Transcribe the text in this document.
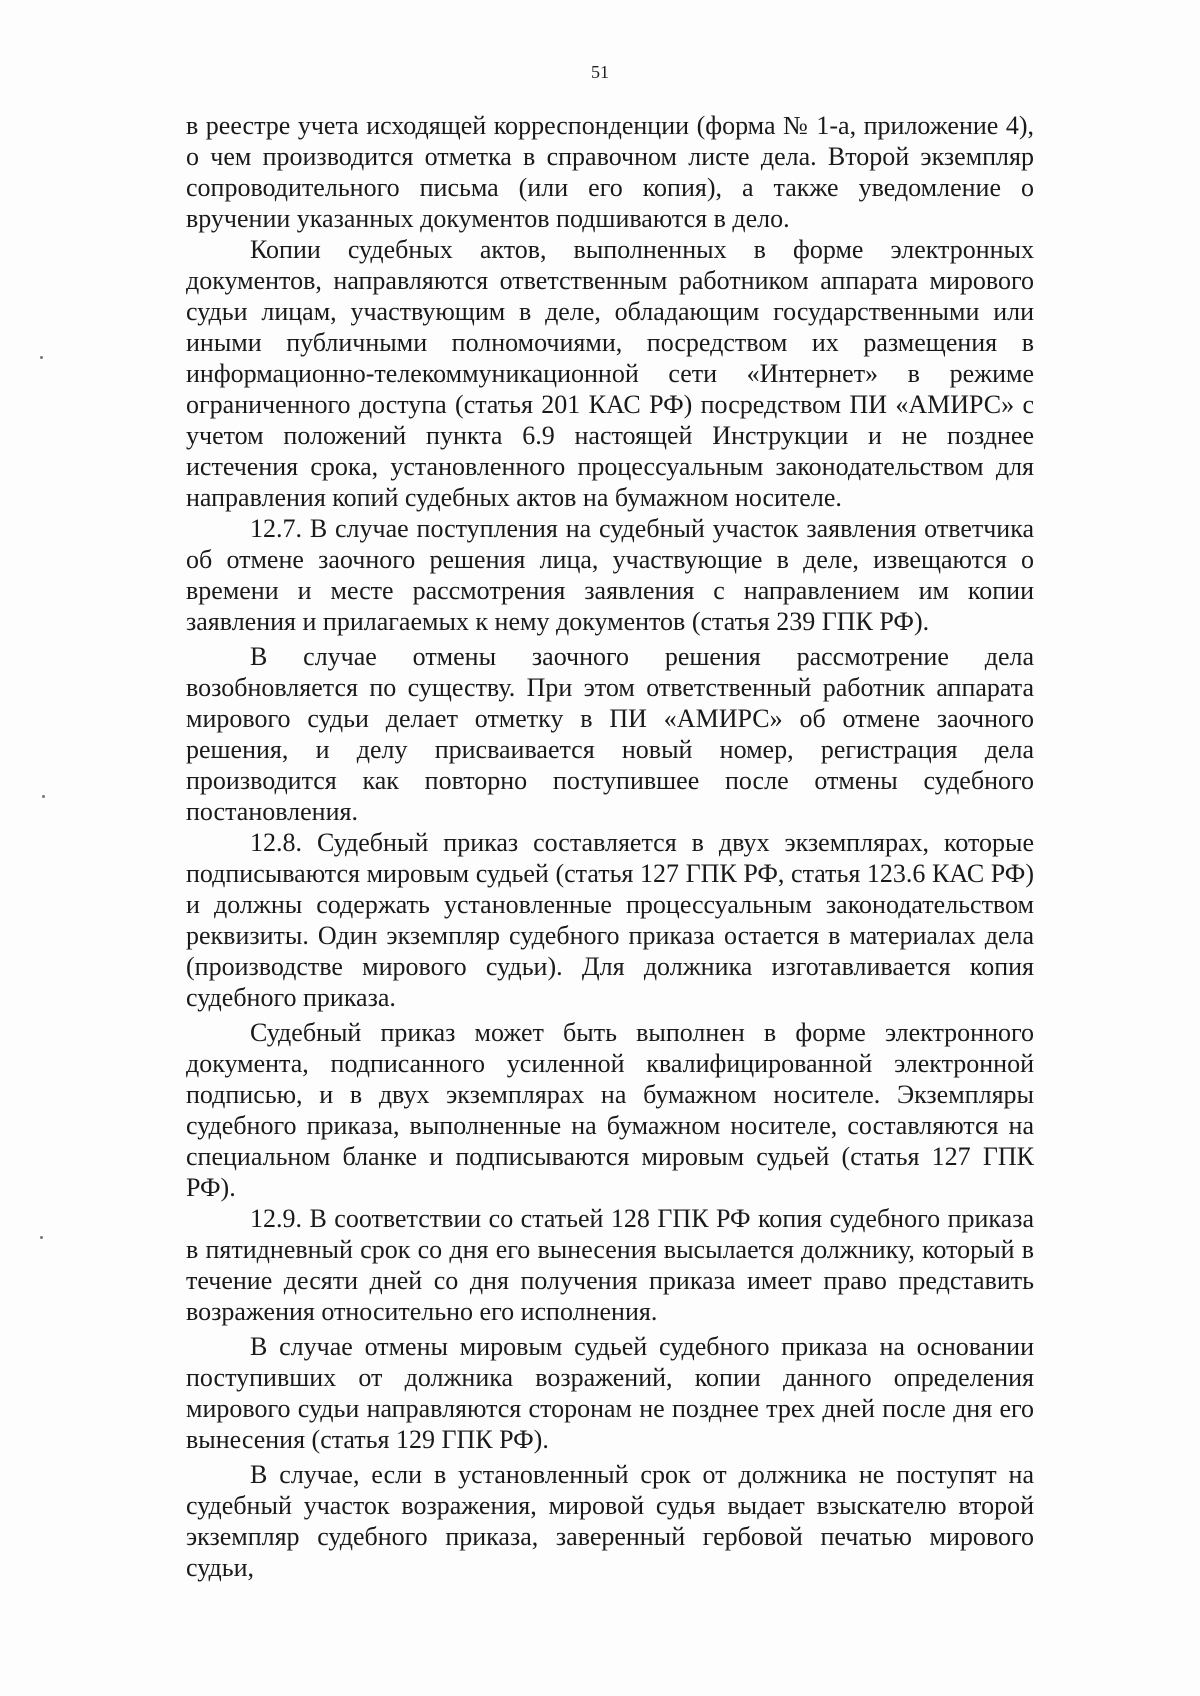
51

в реестре учета исходящей корреспонденции (форма № 1-а, приложение 4), о чем производится отметка в справочном листе дела. Второй экземпляр сопроводительного письма (или его копия), а также уведомление о вручении указанных документов подшиваются в дело.

Копии судебных актов, выполненных в форме электронных документов, направляются ответственным работником аппарата мирового судьи лицам, участвующим в деле, обладающим государственными или иными публичными полномочиями, посредством их размещения в информационно-телекоммуникационной сети «Интернет» в режиме ограниченного доступа (статья 201 КАС РФ) посредством ПИ «АМИРС» с учетом положений пункта 6.9 настоящей Инструкции и не позднее истечения срока, установленного процессуальным законодательством для направления копий судебных актов на бумажном носителе.

12.7. В случае поступления на судебный участок заявления ответчика об отмене заочного решения лица, участвующие в деле, извещаются о времени и месте рассмотрения заявления с направлением им копии заявления и прилагаемых к нему документов (статья 239 ГПК РФ).

В случае отмены заочного решения рассмотрение дела возобновляется по существу. При этом ответственный работник аппарата мирового судьи делает отметку в ПИ «АМИРС» об отмене заочного решения, и делу присваивается новый номер, регистрация дела производится как повторно поступившее после отмены судебного постановления.

12.8. Судебный приказ составляется в двух экземплярах, которые подписываются мировым судьей (статья 127 ГПК РФ, статья 123.6 КАС РФ) и должны содержать установленные процессуальным законодательством реквизиты. Один экземпляр судебного приказа остается в материалах дела (производстве мирового судьи). Для должника изготавливается копия судебного приказа.

Судебный приказ может быть выполнен в форме электронного документа, подписанного усиленной квалифицированной электронной подписью, и в двух экземплярах на бумажном носителе. Экземпляры судебного приказа, выполненные на бумажном носителе, составляются на специальном бланке и подписываются мировым судьей (статья 127 ГПК РФ).

12.9. В соответствии со статьей 128 ГПК РФ копия судебного приказа в пятидневный срок со дня его вынесения высылается должнику, который в течение десяти дней со дня получения приказа имеет право представить возражения относительно его исполнения.

В случае отмены мировым судьей судебного приказа на основании поступивших от должника возражений, копии данного определения мирового судьи направляются сторонам не позднее трех дней после дня его вынесения (статья 129 ГПК РФ).

В случае, если в установленный срок от должника не поступят на судебный участок возражения, мировой судья выдает взыскателю второй экземпляр судебного приказа, заверенный гербовой печатью мирового судьи,
